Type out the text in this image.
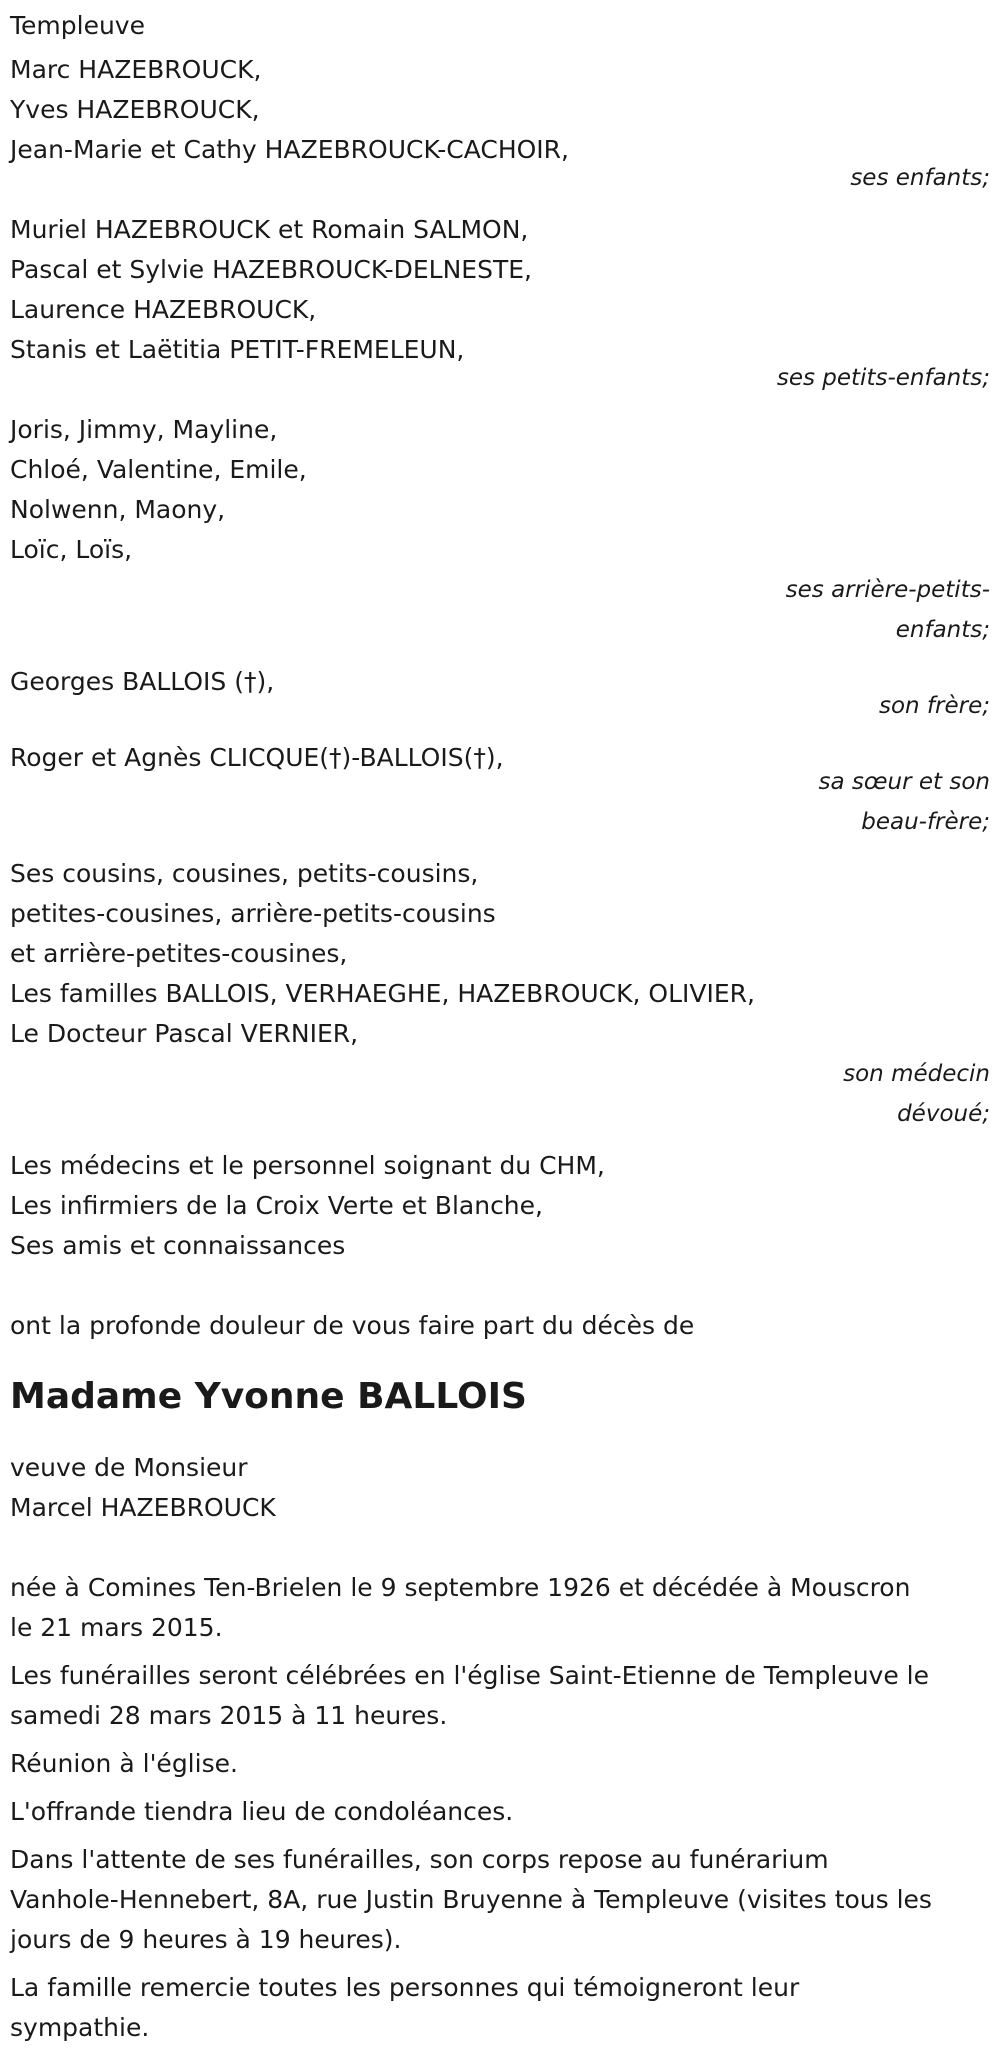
Templeuve
Marc HAZEBROUCK,
Yves HAZEBROUCK,
Jean-Marie et Cathy HAZEBROUCK-CACHOIR,
ses enfants;
Muriel HAZEBROUCK et Romain SALMON,
Pascal et Sylvie HAZEBROUCK-DELNESTE,
Laurence HAZEBROUCK,
Stanis et Laëtitia PETIT-FREMELEUN,
ses petits-enfants;
Joris, Jimmy, Mayline,
Chloé, Valentine, Emile,
Nolwenn, Maony,
Loïc, Loïs,
ses arrière-petits-
enfants;
Georges BALLOIS (†),
son frère;
Roger et Agnès CLICQUE(†)-BALLOIS(†),
sa sœur et son
beau-frère;
Ses cousins, cousines, petits-cousins,
petites-cousines, arrière-petits-cousins
et arrière-petites-cousines,
Les familles BALLOIS, VERHAEGHE, HAZEBROUCK, OLIVIER,
Le Docteur Pascal VERNIER,
son médecin
dévoué;
Les médecins et le personnel soignant du CHM,
Les infirmiers de la Croix Verte et Blanche,
Ses amis et connaissances
ont la profonde douleur de vous faire part du décès de
Madame Yvonne BALLOIS
veuve de Monsieur
Marcel HAZEBROUCK
née à Comines Ten-Brielen le 9 septembre 1926 et décédée à Mouscron
le 21 mars 2015.
Les funérailles seront célébrées en l'église Saint-Etienne de Templeuve le
samedi 28 mars 2015 à 11 heures.
Réunion à l'église.
L'offrande tiendra lieu de condoléances.
Dans l'attente de ses funérailles, son corps repose au funérarium
Vanhole-Hennebert, 8A, rue Justin Bruyenne à Templeuve (visites tous les
jours de 9 heures à 19 heures).
La famille remercie toutes les personnes qui témoigneront leur
sympathie.
